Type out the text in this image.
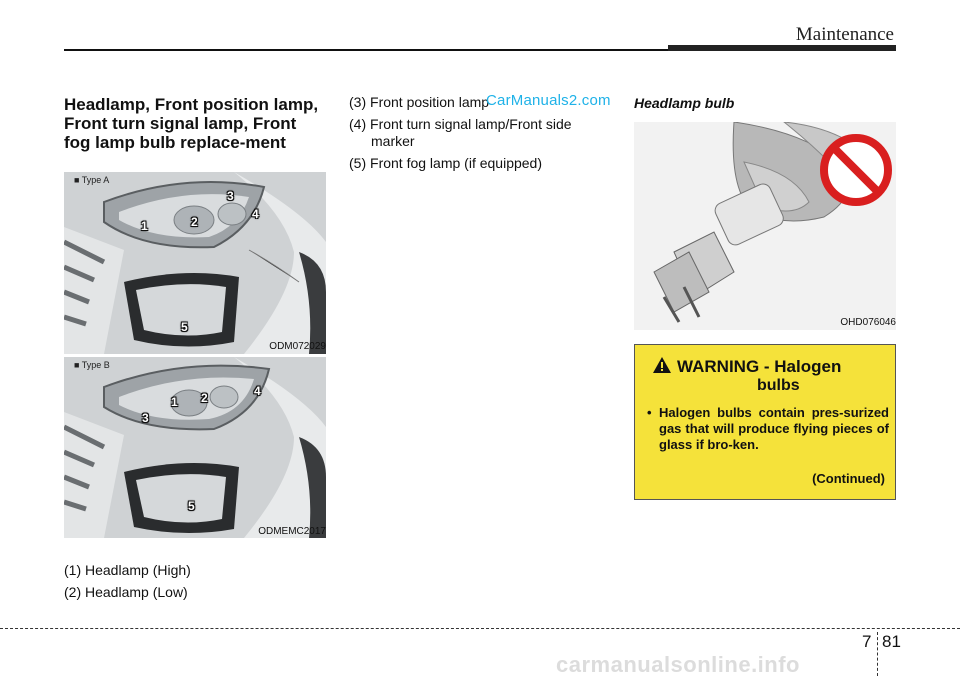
Maintenance
Headlamp, Front position lamp, Front turn signal lamp, Front fog lamp bulb replace-ment
■ Type A
1	2
3
4
5
ODM072029
■ Type B
1 2
3
4
5
ODMEMC2017
(1) Headlamp (High)
(2) Headlamp (Low)
(3) Front position lamp
(4) Front turn signal lamp/Front side
marker
(5) Front fog lamp (if equipped)
CarManuals2.com Headlamp bulb
OHD076046
WARNING - Halogen
bulbs
• Halogen bulbs contain pres-surized gas that will produce flying pieces of glass if bro-ken.
(Continued)
7 81
carmanualsonline.info
